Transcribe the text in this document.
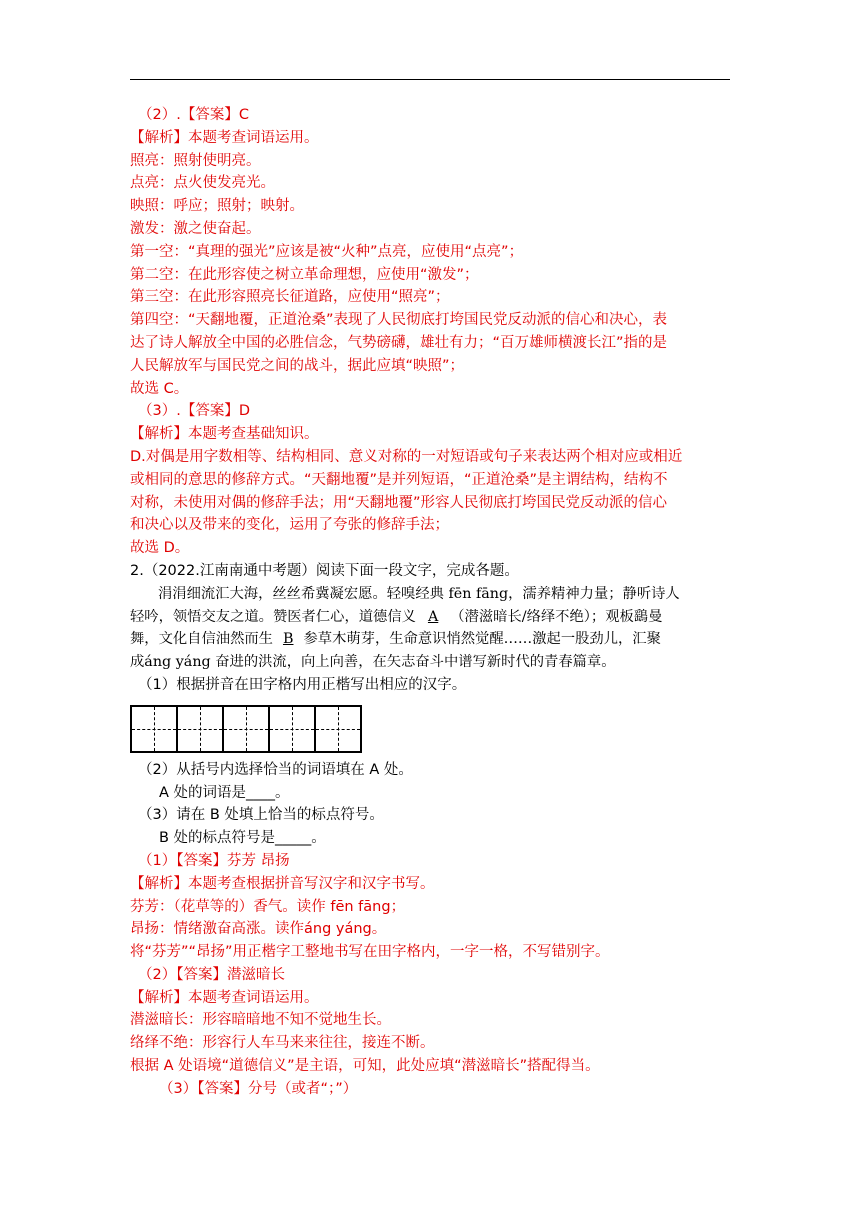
（2）.【答案】C
【解析】本题考查词语运用。
照亮：照射使明亮。
点亮：点火使发亮光。
映照：呼应；照射；映射。
激发：激之使奋起。
第一空：“真理的强光”应该是被“火种”点亮，应使用“点亮”；
第二空：在此形容使之树立革命理想，应使用“激发”；
第三空：在此形容照亮长征道路，应使用“照亮”；
第四空：“天翻地覆，正道沧桑”表现了人民彻底打垮国民党反动派的信心和决心，表
达了诗人解放全中国的必胜信念，气势磅礴，雄壮有力；“百万雄师横渡长江”指的是
人民解放军与国民党之间的战斗，据此应填“映照”；
故选 C。
（3）.【答案】D
【解析】本题考查基础知识。
D.对偶是用字数相等、结构相同、意义对称的一对短语或句子来表达两个相对应或相近
或相同的意思的修辞方式。“天翻地覆”是并列短语，“正道沧桑”是主谓结构，结构不
对称，未使用对偶的修辞手法；用“天翻地覆”形容人民彻底打垮国民党反动派的信心
和决心以及带来的变化，运用了夸张的修辞手法；
故选 D。
2.（2022.江南南通中考题）阅读下面一段文字，完成各题。
涓涓细流汇大海，丝丝希冀凝宏愿。轻嗅经典 fēn fāng，濡养精神力量；静听诗人
轻吟，领悟交友之道。赞医者仁心，道德信义 A （潜滋暗长/络绎不绝）；观板鷂曼
舞，文化自信油然而生 B 参草木萌芽，生命意识悄然觉醒……激起一股劲儿，汇聚
成áng yáng 奋进的洪流，向上向善，在矢志奋斗中谱写新时代的青春篇章。
（1）根据拼音在田字格内用正楷写出相应的汉字。
（2）从括号内选择恰当的词语填在 A 处。
A 处的词语是____。
（3）请在 B 处填上恰当的标点符号。
B 处的标点符号是_____。
（1）【答案】芬芳 昂扬
【解析】本题考查根据拼音写汉字和汉字书写。
芬芳：（花草等的）香气。读作 fēn fāng；
昂扬：情绪激奋高涨。读作áng yáng。
将“芬芳”“昂扬”用正楷字工整地书写在田字格内，一字一格，不写错别字。
（2）【答案】潜滋暗长
【解析】本题考查词语运用。
潜滋暗长：形容暗暗地不知不觉地生长。
络绎不绝：形容行人车马来来往往，接连不断。
根据 A 处语境“道德信义”是主语，可知，此处应填“潜滋暗长”搭配得当。
（3）【答案】分号（或者“；”）
